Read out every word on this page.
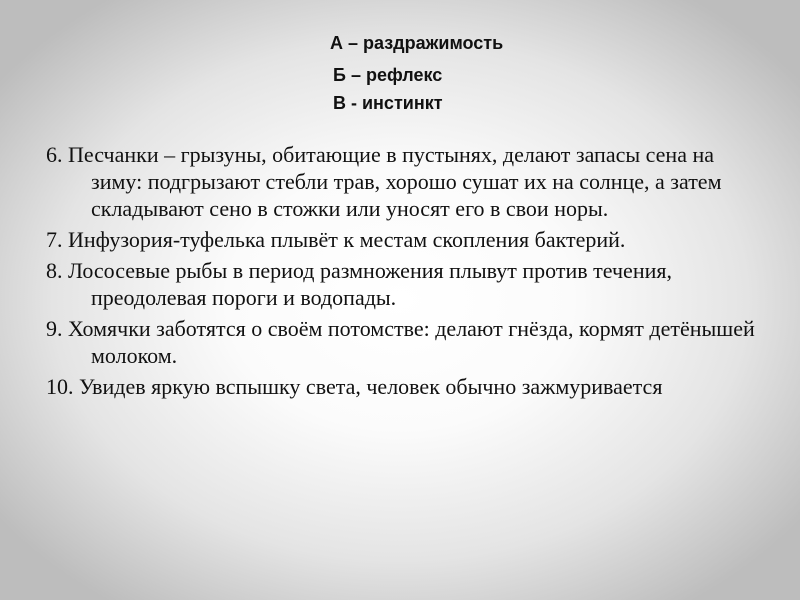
А – раздражимость
Б – рефлекс
В - инстинкт
6. Песчанки – грызуны, обитающие в пустынях, делают запасы сена на зиму: подгрызают стебли трав, хорошо сушат их на солнце, а затем складывают сено в стожки или уносят его в свои норы.
7. Инфузория-туфелька плывёт к местам скопления бактерий.
8. Лососевые рыбы в период размножения плывут против течения, преодолевая пороги и водопады.
9. Хомячки заботятся о своём потомстве: делают гнёзда, кормят детёнышей молоком.
10. Увидев яркую вспышку света, человек обычно зажмуривается
